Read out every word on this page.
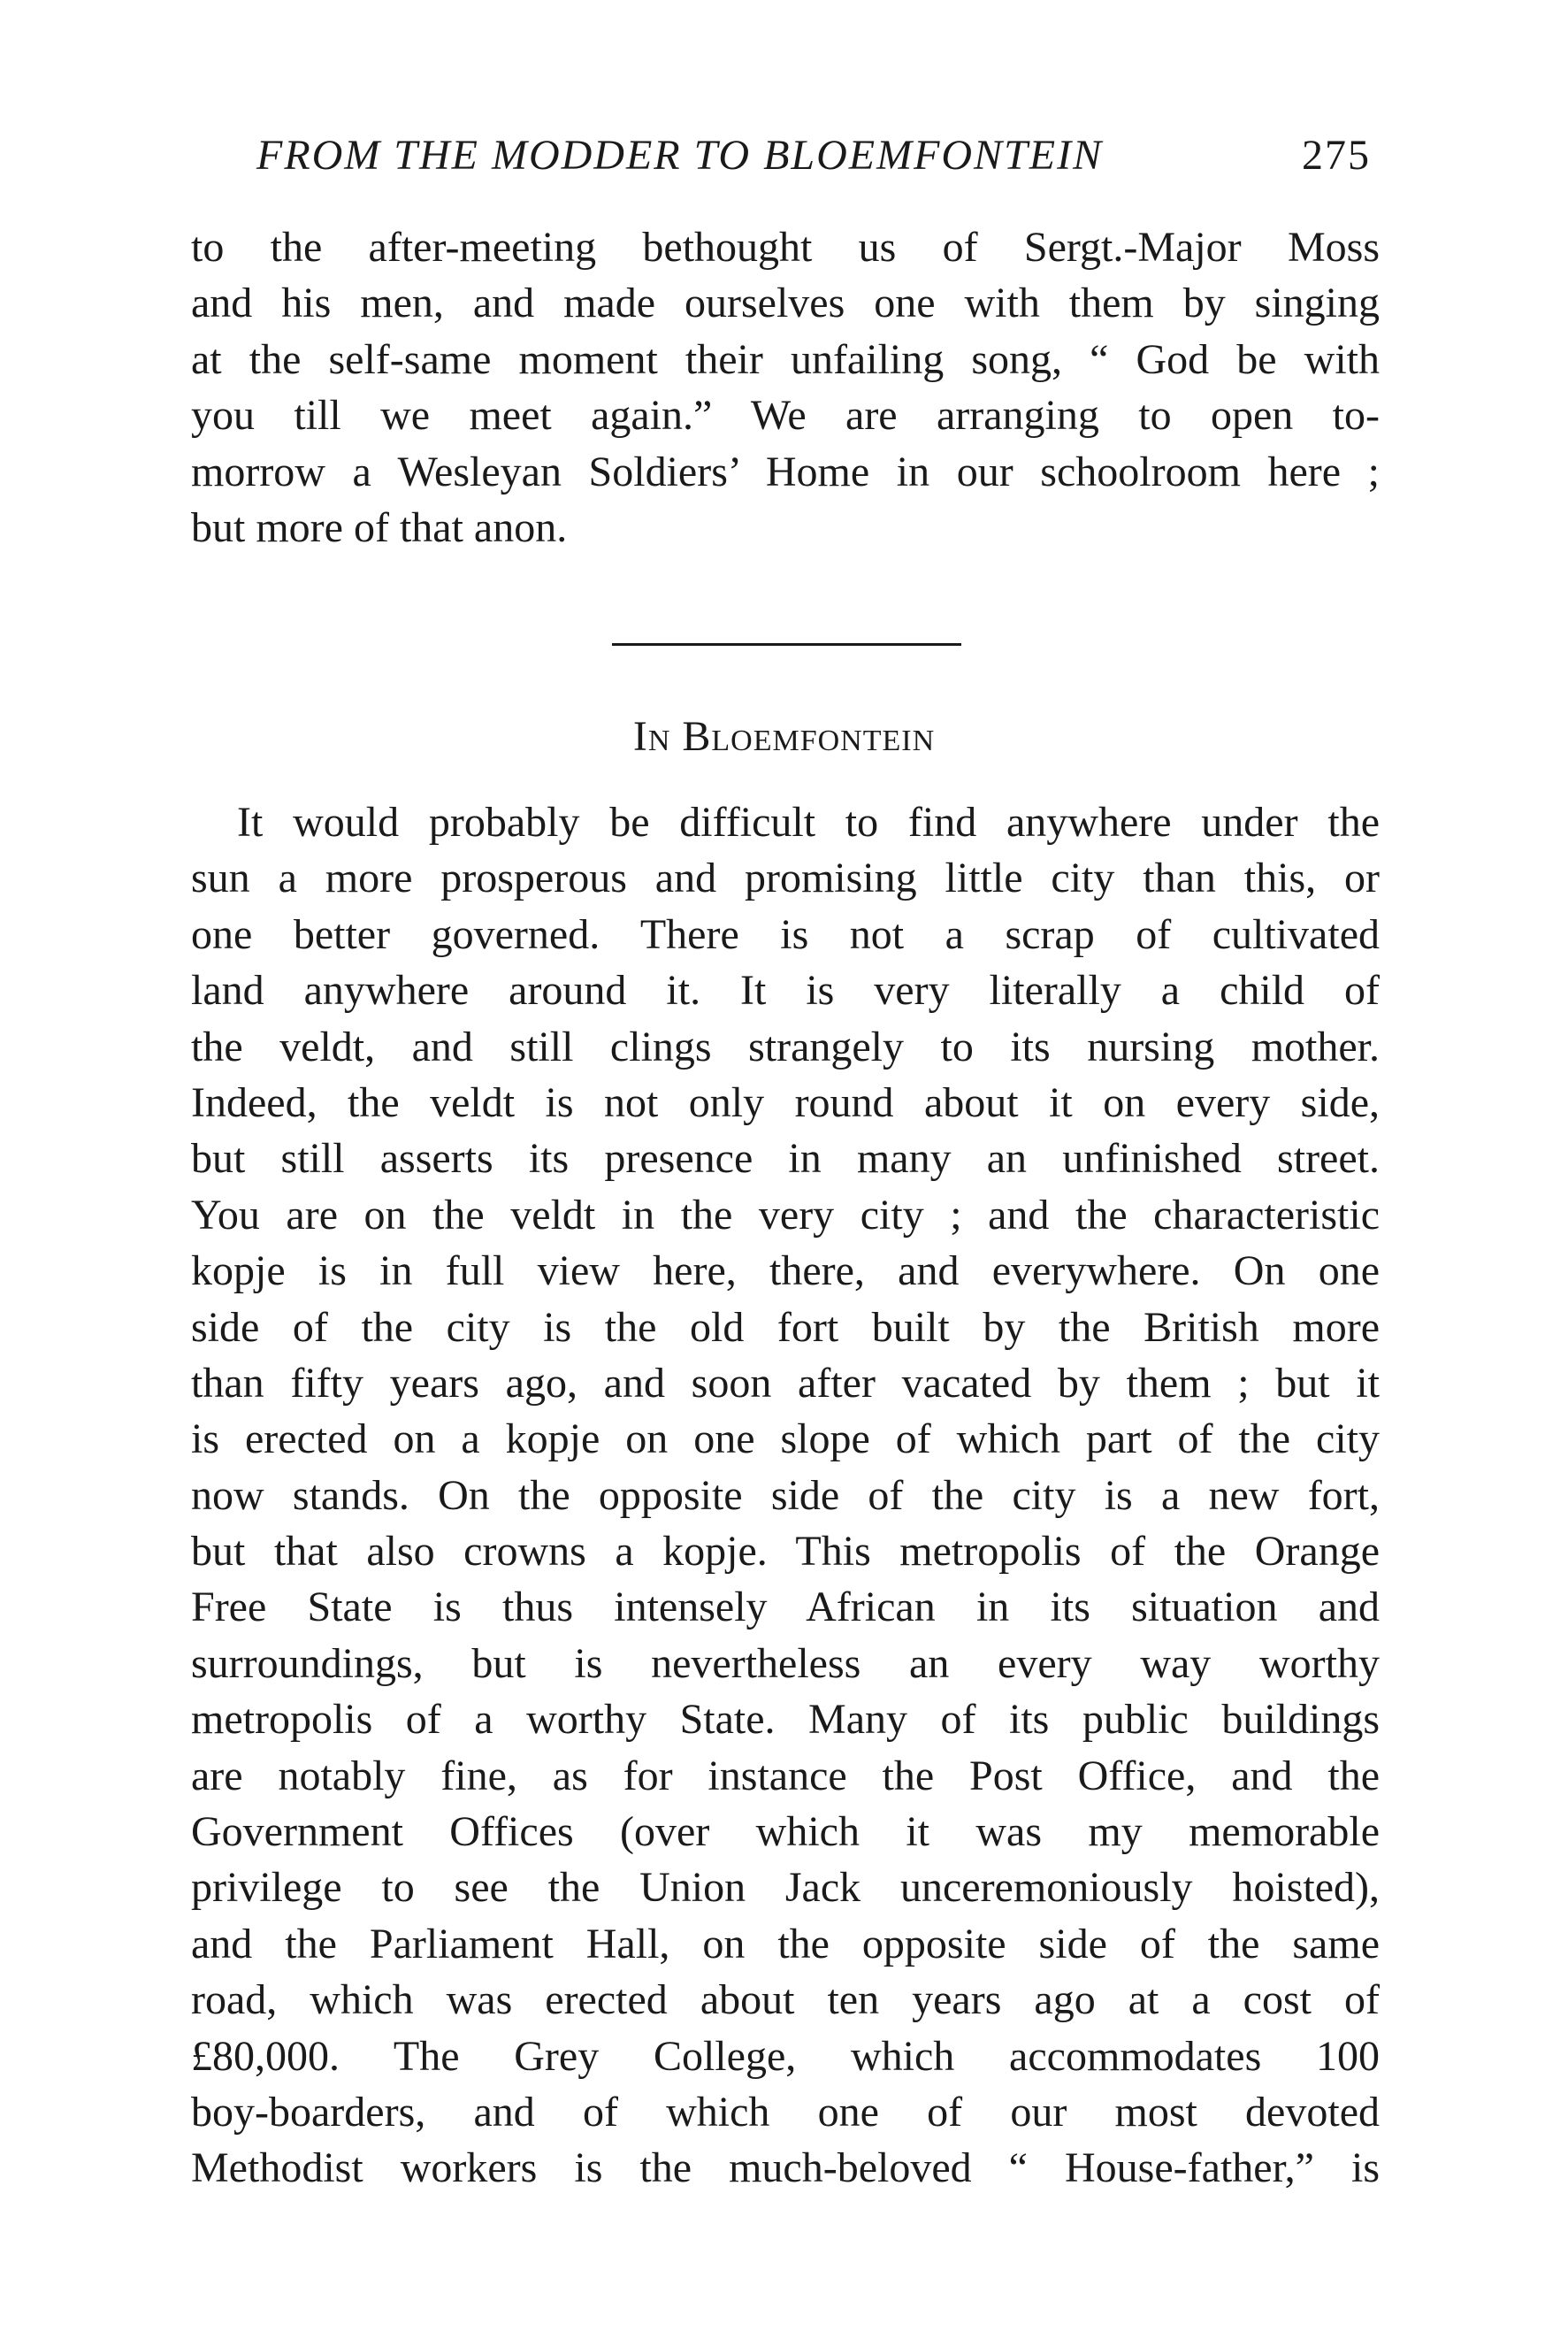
FROM THE MODDER TO BLOEMFONTEIN	275
to the after-meeting bethought us of Sergt.-Major Moss
and his men, and made ourselves one with them by singing
at the self-same moment their unfailing song, “ God be with
you till we meet again.” We are arranging to open to-
morrow a Wesleyan Soldiers’ Home in our schoolroom here ;
but more of that anon.
In Bloemfontein
It would probably be difficult to find anywhere under the
sun a more prosperous and promising little city than this, or
one better governed. There is not a scrap of cultivated
land anywhere around it. It is very literally a child of
the veldt, and still clings strangely to its nursing mother.
Indeed, the veldt is not only round about it on every side,
but still asserts its presence in many an unfinished street.
You are on the veldt in the very city ; and the characteristic
kopje is in full view here, there, and everywhere. On one
side of the city is the old fort built by the British more
than fifty years ago, and soon after vacated by them ; but it
is erected on a kopje on one slope of which part of the city
now stands. On the opposite side of the city is a new fort,
but that also crowns a kopje. This metropolis of the Orange
Free State is thus intensely African in its situation and
surroundings, but is nevertheless an every way worthy
metropolis of a worthy State. Many of its public buildings
are notably fine, as for instance the Post Office, and the
Government Offices (over which it was my memorable
privilege to see the Union Jack unceremoniously hoisted),
and the Parliament Hall, on the opposite side of the same
road, which was erected about ten years ago at a cost of
£80,000. The Grey College, which accommodates 100
boy-boarders, and of which one of our most devoted
Methodist workers is the much-beloved “ House-father,” is
